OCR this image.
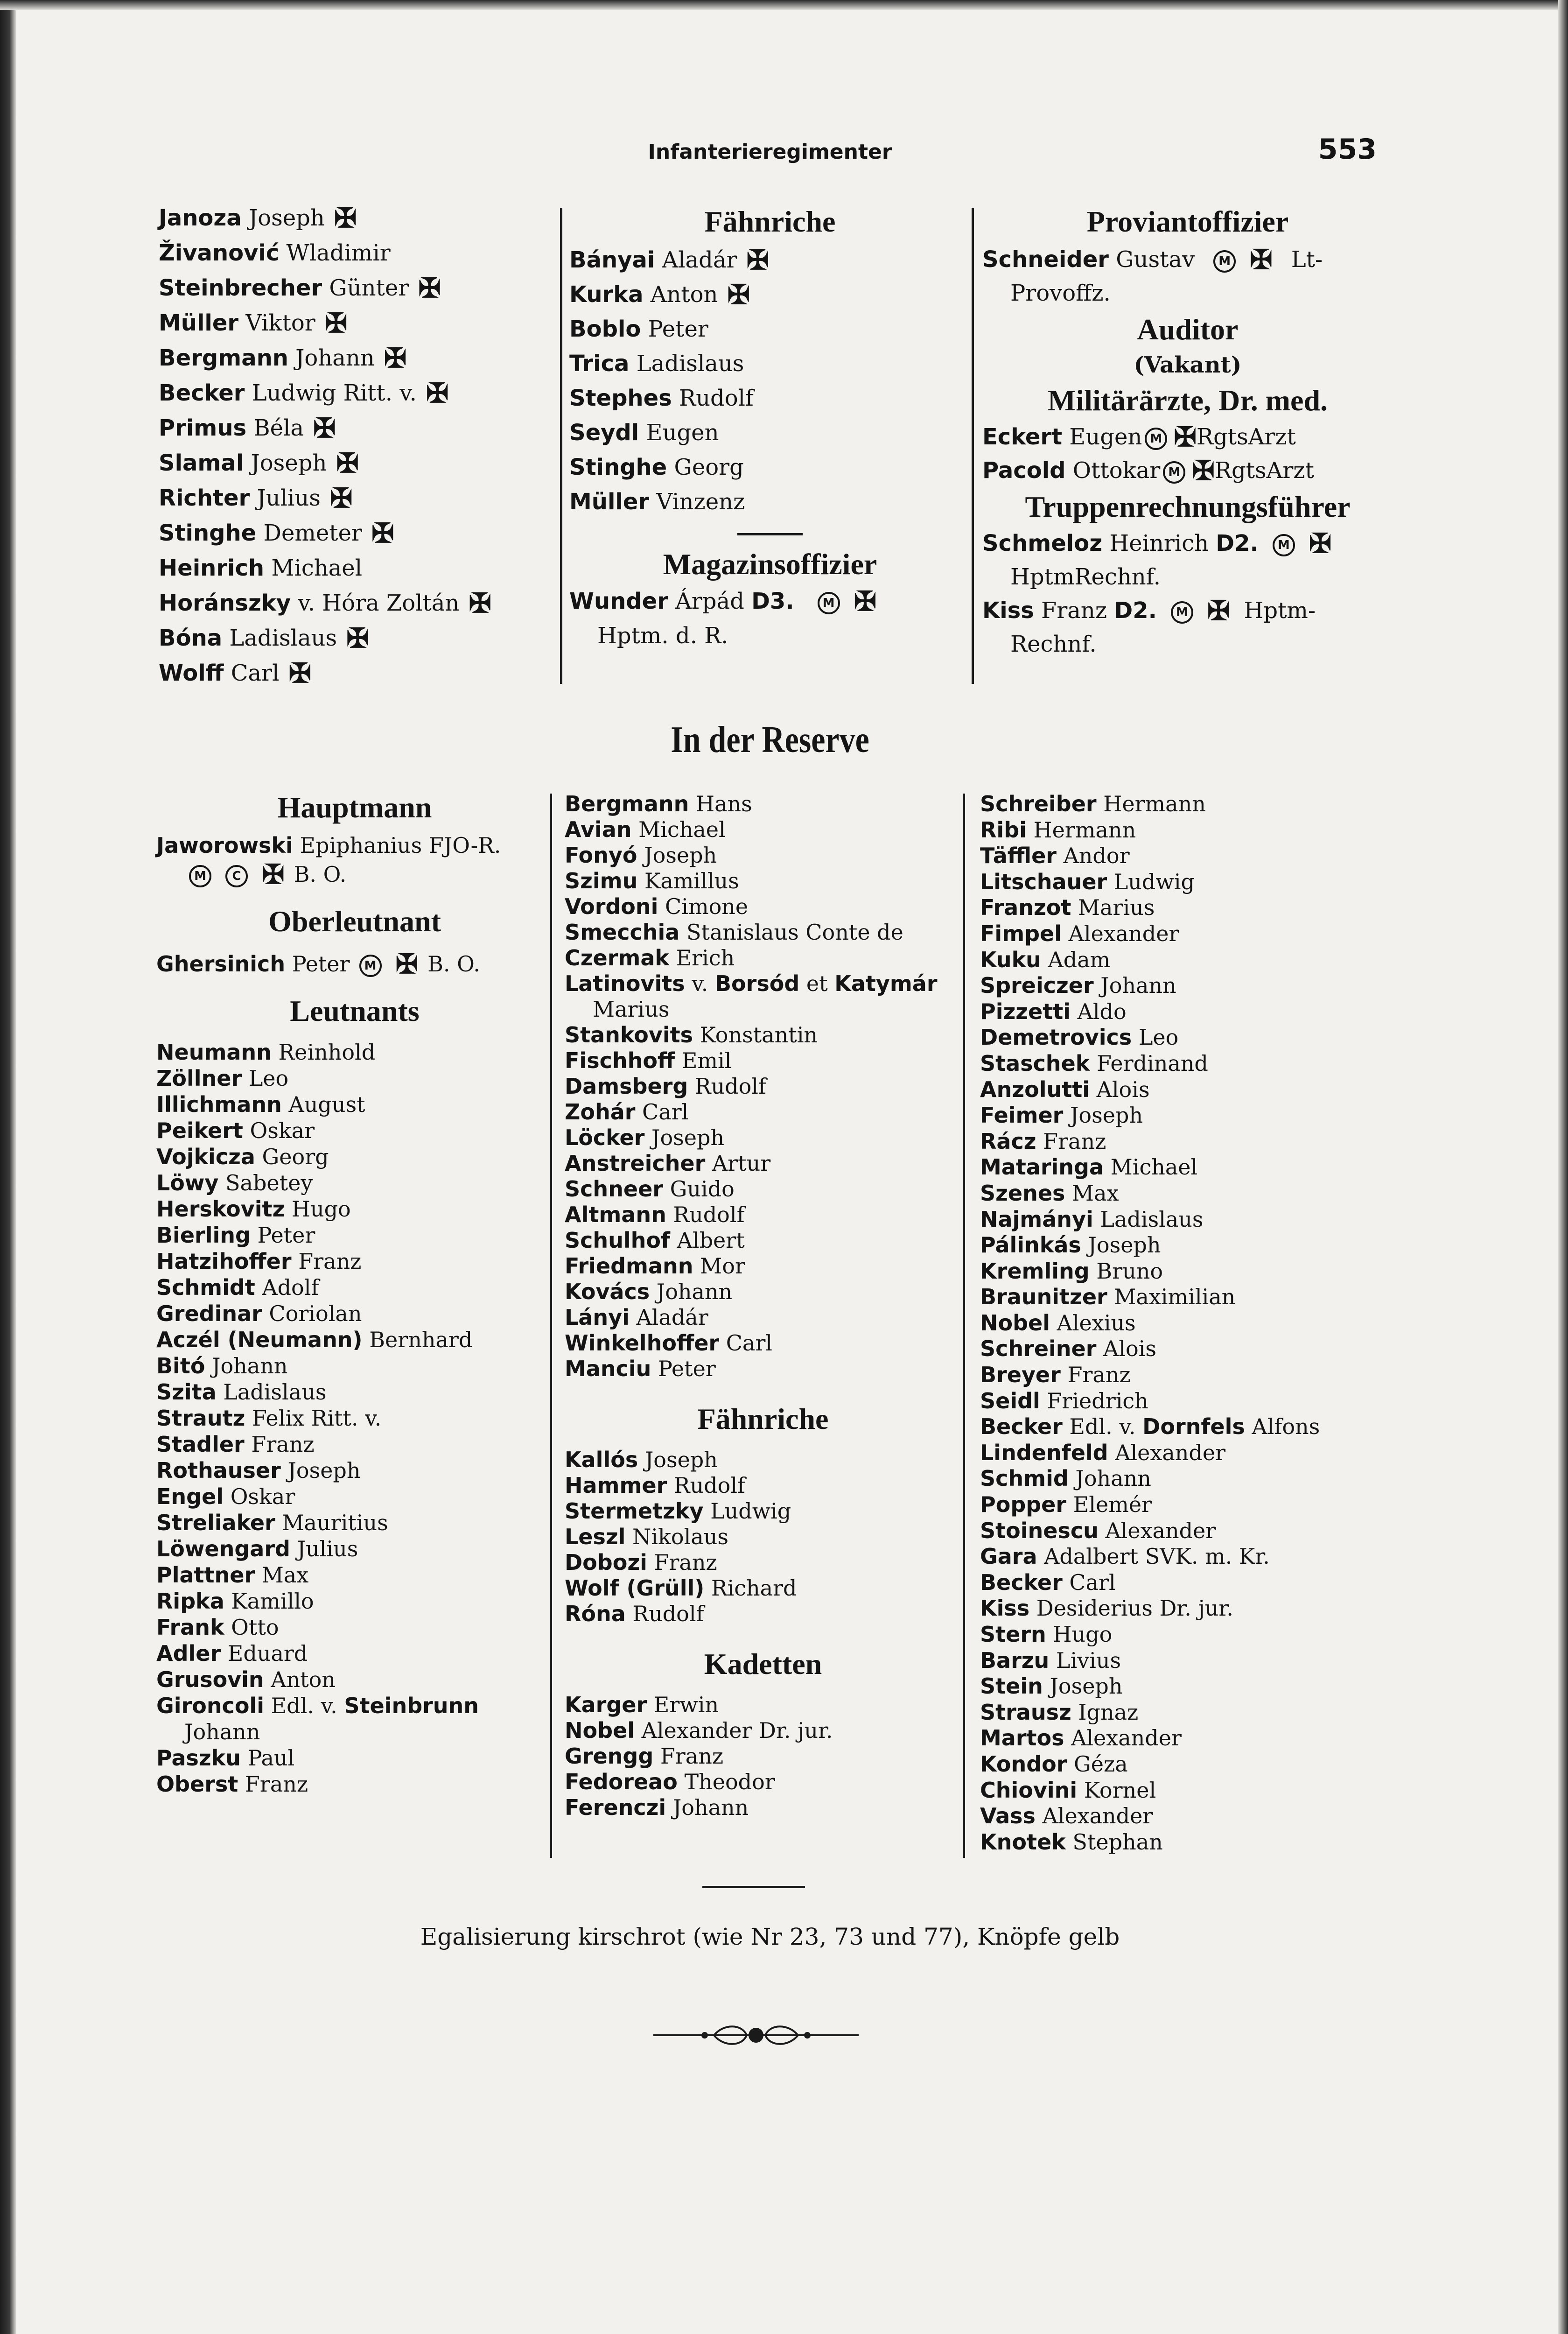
Infanterieregimenter	553

Janoza Joseph ✠

Živanović Wladimir

Steinbrecher Günter ✠

Müller Viktor ✠

Bergmann Johann ✠

Becker Ludwig Ritt. v. ✠

Primus Béla ✠

Slamal Joseph ✠

Richter Julius ✠

Stinghe Demeter ✠

Heinrich Michael

Horánszky v. Hóra Zoltán ✠

Bóna Ladislaus ✠

Wolff Carl ✠

Fähnriche

Bányai Aladár ✠

Kurka Anton ✠

Boblo Peter

Trica Ladislaus

Stephes Rudolf

Seydl Eugen

Stinghe Georg

Müller Vinzenz

Magazinsoffizier

Wunder Árpád D3. M ✠

Hptm. d. R.

Proviantoffizier

Schneider Gustav M ✠ Lt-

Provoffz.

Auditor

(Vakant)

Militärärzte, Dr. med.

Eckert Eugen M ✠RgtsArzt

Pacold Ottokar M ✠RgtsArzt

Truppenrechnungsführer

Schmeloz Heinrich D2. M ✠

HptmRechnf.

Kiss Franz D2. M ✠ Hptm-

Rechnf.

In der Reserve

Hauptmann

Jaworowski Epiphanius FJO-R.

M C ✠ B. O.

Oberleutnant

Ghersinich Peter M ✠ B. O.

Leutnants

Neumann Reinhold

Zöllner Leo

Illichmann August

Peikert Oskar

Vojkicza Georg

Löwy Sabetey

Herskovitz Hugo

Bierling Peter

Hatzihoffer Franz

Schmidt Adolf

Gredinar Coriolan

Aczél (Neumann) Bernhard

Bitó Johann

Szita Ladislaus

Strautz Felix Ritt. v.

Stadler Franz

Rothauser Joseph

Engel Oskar

Streliaker Mauritius

Löwengard Julius

Plattner Max

Ripka Kamillo

Frank Otto

Adler Eduard

Grusovin Anton

Gironcoli Edl. v. Steinbrunn

Johann

Paszku Paul

Oberst Franz

Bergmann Hans

Avian Michael

Fonyó Joseph

Szimu Kamillus

Vordoni Cimone

Smecchia Stanislaus Conte de

Czermak Erich

Latinovits v. Borsód et Katymár

Marius

Stankovits Konstantin

Fischhoff Emil

Damsberg Rudolf

Zohár Carl

Löcker Joseph

Anstreicher Artur

Schneer Guido

Altmann Rudolf

Schulhof Albert

Friedmann Mor

Kovács Johann

Lányi Aladár

Winkelhoffer Carl

Manciu Peter

Fähnriche

Kallós Joseph

Hammer Rudolf

Stermetzky Ludwig

Leszl Nikolaus

Dobozi Franz

Wolf (Grüll) Richard

Róna Rudolf

Kadetten

Karger Erwin

Nobel Alexander Dr. jur.

Grengg Franz

Fedoreao Theodor

Ferenczi Johann

Schreiber Hermann

Ribi Hermann

Täffler Andor

Litschauer Ludwig

Franzot Marius

Fimpel Alexander

Kuku Adam

Spreiczer Johann

Pizzetti Aldo

Demetrovics Leo

Staschek Ferdinand

Anzolutti Alois

Feimer Joseph

Rácz Franz

Mataringa Michael

Szenes Max

Najmányi Ladislaus

Pálinkás Joseph

Kremling Bruno

Braunitzer Maximilian

Nobel Alexius

Schreiner Alois

Breyer Franz

Seidl Friedrich

Becker Edl. v. Dornfels Alfons

Lindenfeld Alexander

Schmid Johann

Popper Elemér

Stoinescu Alexander

Gara Adalbert SVK. m. Kr.

Becker Carl

Kiss Desiderius Dr. jur.

Stern Hugo

Barzu Livius

Stein Joseph

Strausz Ignaz

Martos Alexander

Kondor Géza

Chiovini Kornel

Vass Alexander

Knotek Stephan

Egalisierung kirschrot (wie Nr 23, 73 und 77), Knöpfe gelb
